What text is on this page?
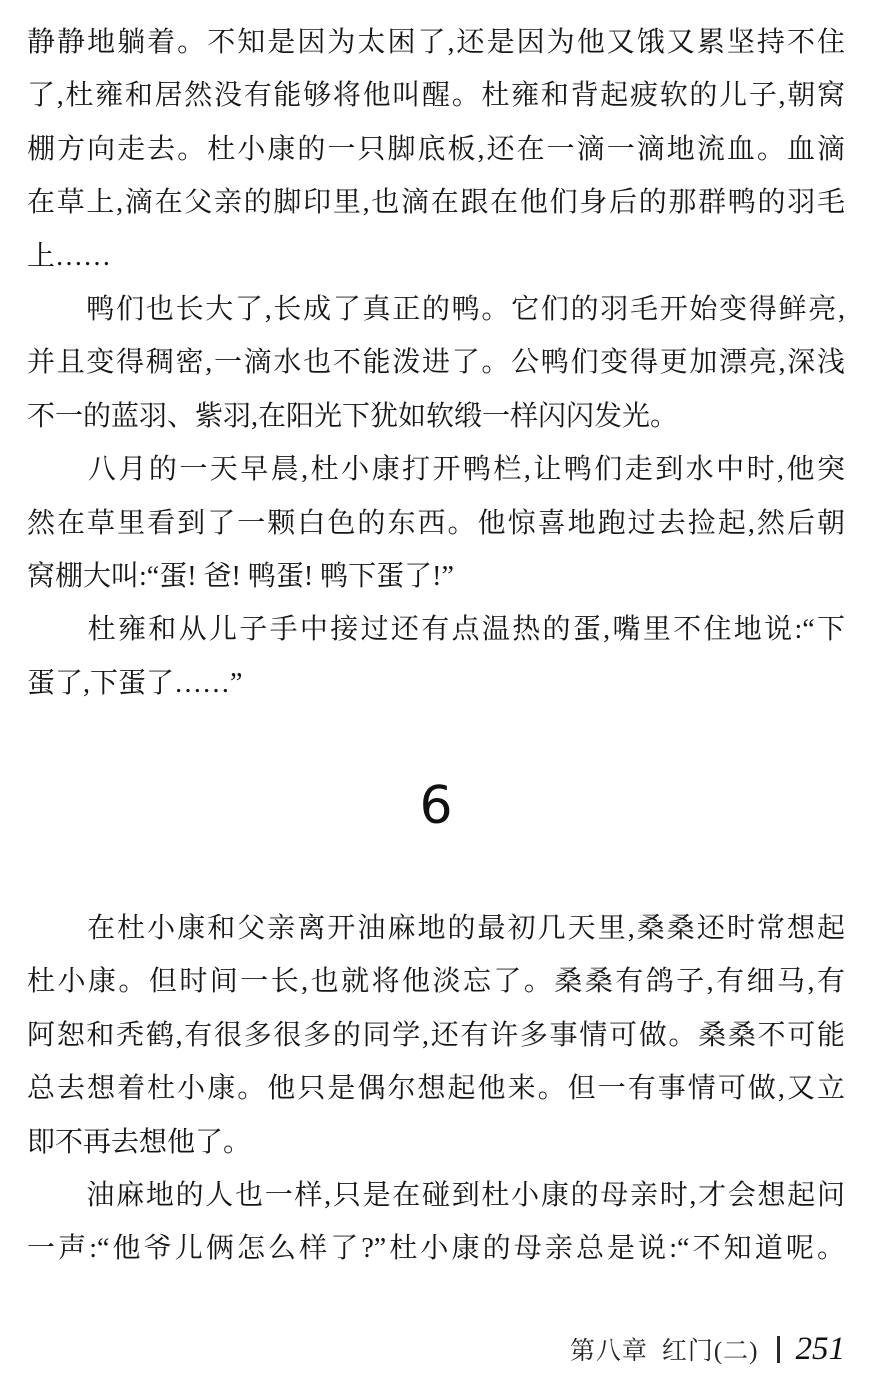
静静地躺着。不知是因为太困了,还是因为他又饿又累坚持不住
了,杜雍和居然没有能够将他叫醒。杜雍和背起疲软的儿子,朝窝
棚方向走去。杜小康的一只脚底板,还在一滴一滴地流血。血滴
在草上,滴在父亲的脚印里,也滴在跟在他们身后的那群鸭的羽毛
上……
　　鸭们也长大了,长成了真正的鸭。它们的羽毛开始变得鲜亮,
并且变得稠密,一滴水也不能泼进了。公鸭们变得更加漂亮,深浅
不一的蓝羽、紫羽,在阳光下犹如软缎一样闪闪发光。
　　八月的一天早晨,杜小康打开鸭栏,让鸭们走到水中时,他突
然在草里看到了一颗白色的东西。他惊喜地跑过去捡起,然后朝
窝棚大叫:“蛋! 爸! 鸭蛋! 鸭下蛋了!”
　　杜雍和从儿子手中接过还有点温热的蛋,嘴里不住地说:“下
蛋了,下蛋了……”
6
　　在杜小康和父亲离开油麻地的最初几天里,桑桑还时常想起
杜小康。但时间一长,也就将他淡忘了。桑桑有鸽子,有细马,有
阿恕和秃鹤,有很多很多的同学,还有许多事情可做。桑桑不可能
总去想着杜小康。他只是偶尔想起他来。但一有事情可做,又立
即不再去想他了。
　　油麻地的人也一样,只是在碰到杜小康的母亲时,才会想起问
一声:“他爷儿俩怎么样了?”杜小康的母亲总是说:“不知道呢。
第八章 红门(二) 251
